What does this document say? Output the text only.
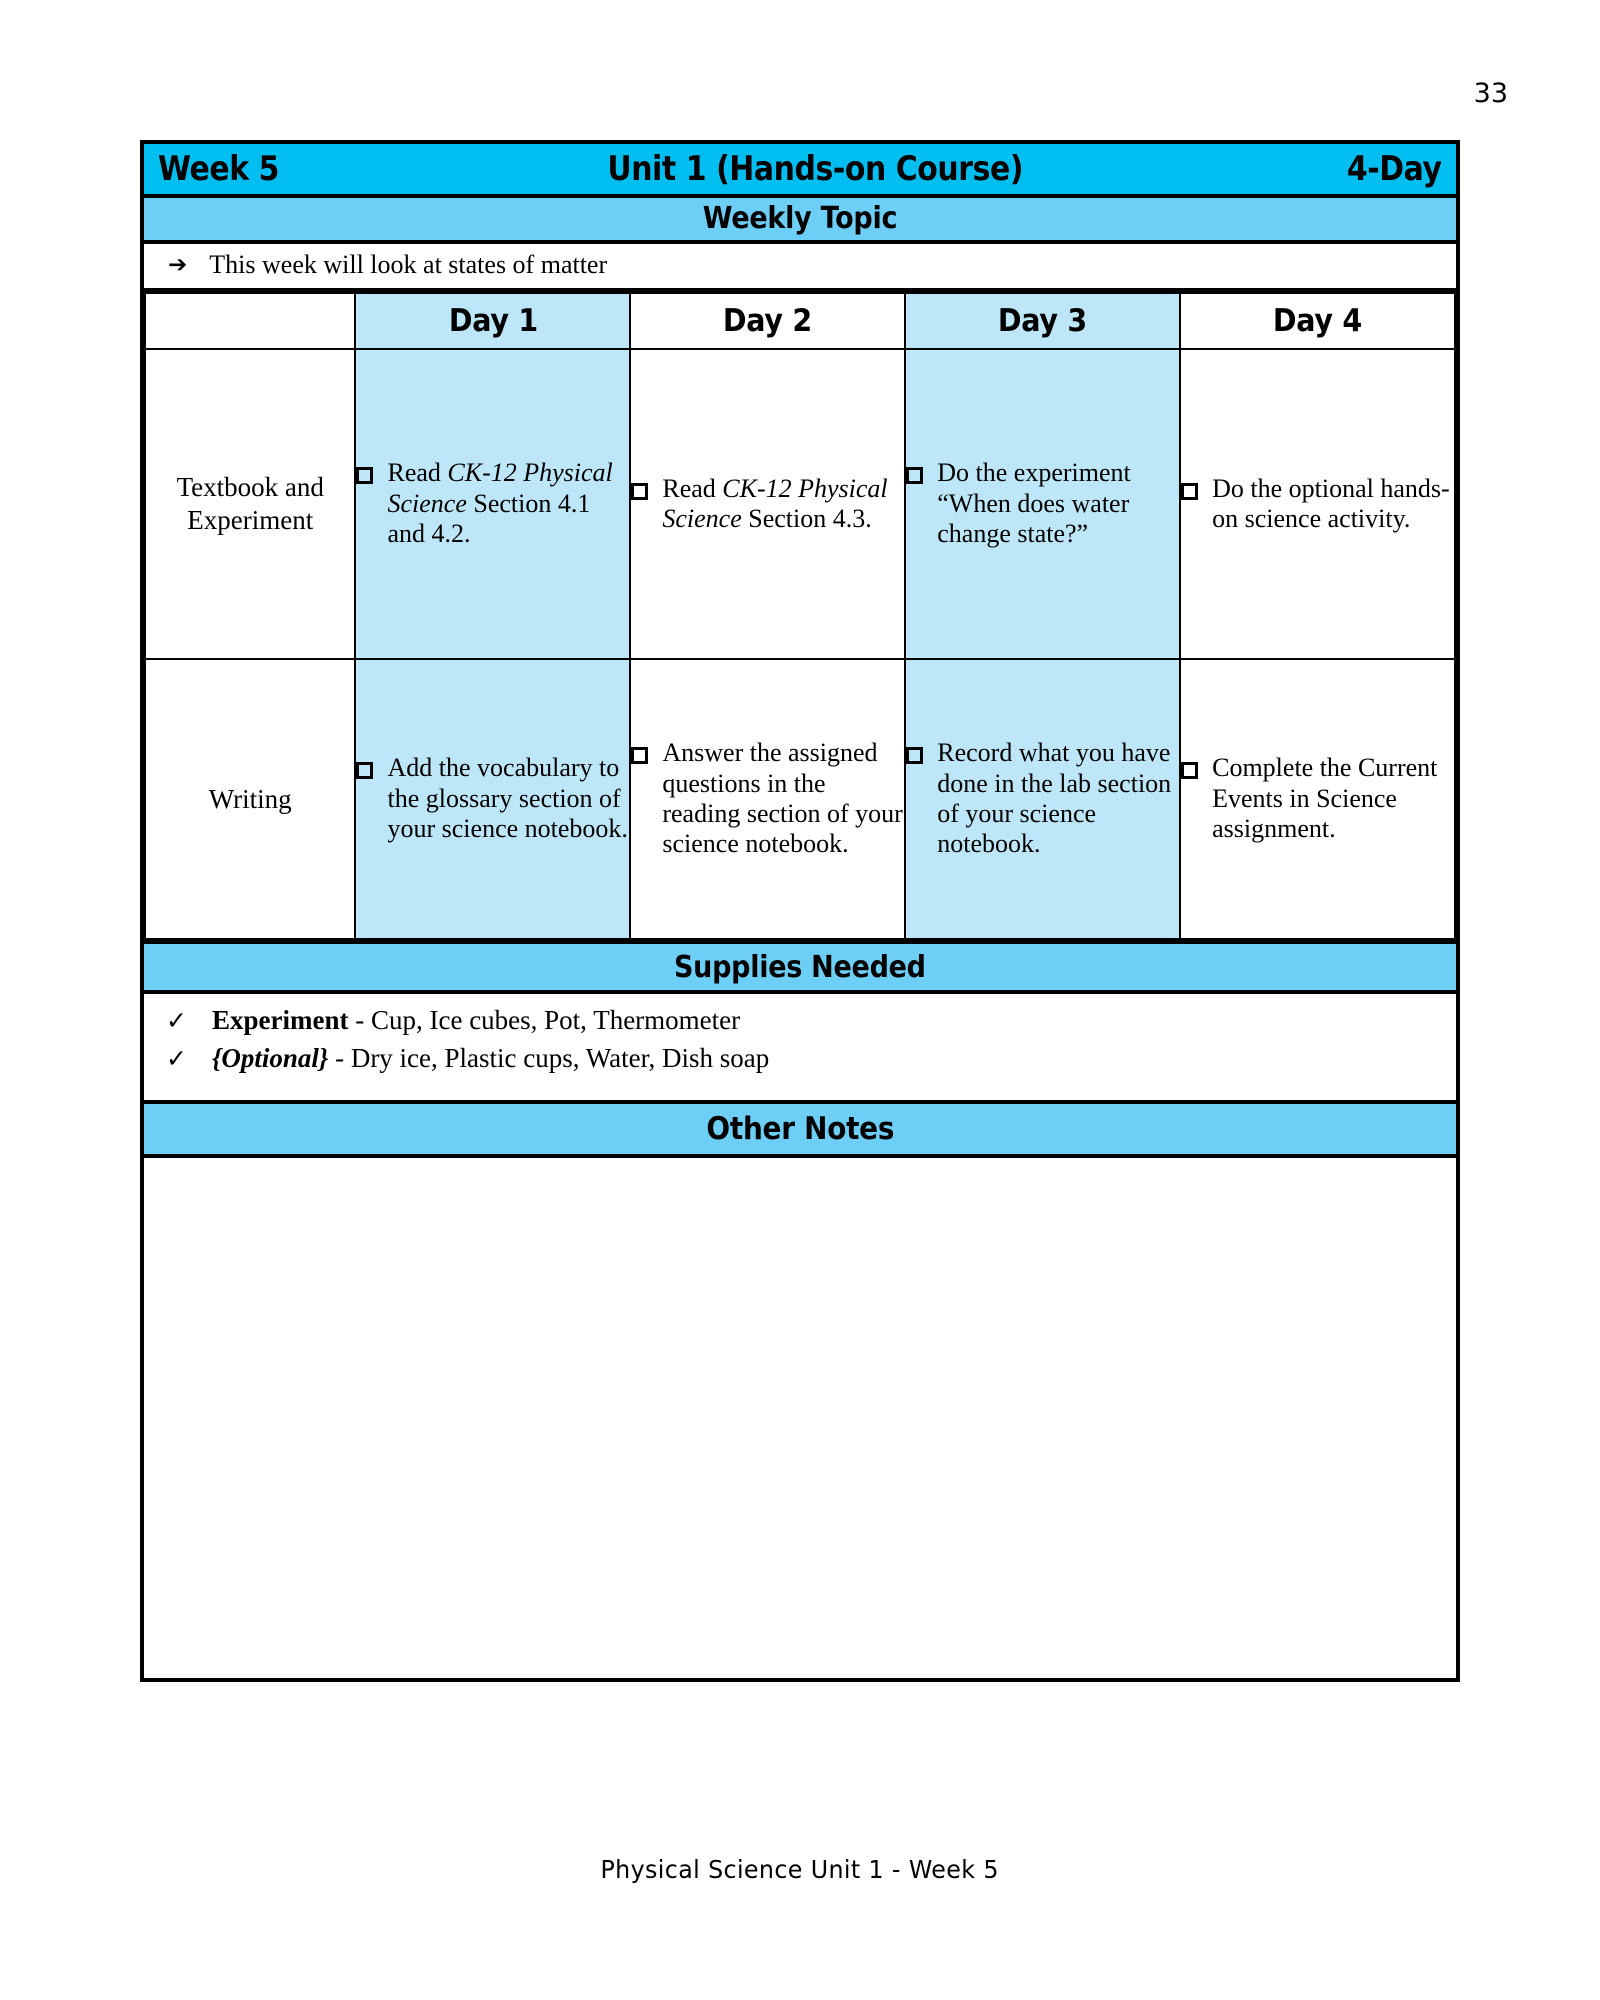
33
Week 5	Unit 1 (Hands-on Course)	4-Day
Weekly Topic
➔ This week will look at states of matter
	Day 1	Day 2	Day 3	Day 4
Textbook and Experiment	Read CK-12 Physical Science Section 4.1 and 4.2.	Read CK-12 Physical Science Section 4.3.	Do the experiment “When does water change state?”	Do the optional hands-on science activity.

Writing	Add the vocabulary to the glossary section of your science notebook.	Answer the assigned questions in the reading section of your science notebook.	Record what you have done in the lab section of your science notebook.	Complete the Current Events in Science assignment.
Supplies Needed
✓ Experiment - Cup, Ice cubes, Pot, Thermometer
✓ {Optional} - Dry ice, Plastic cups, Water, Dish soap
Other Notes
Physical Science Unit 1 - Week 5
